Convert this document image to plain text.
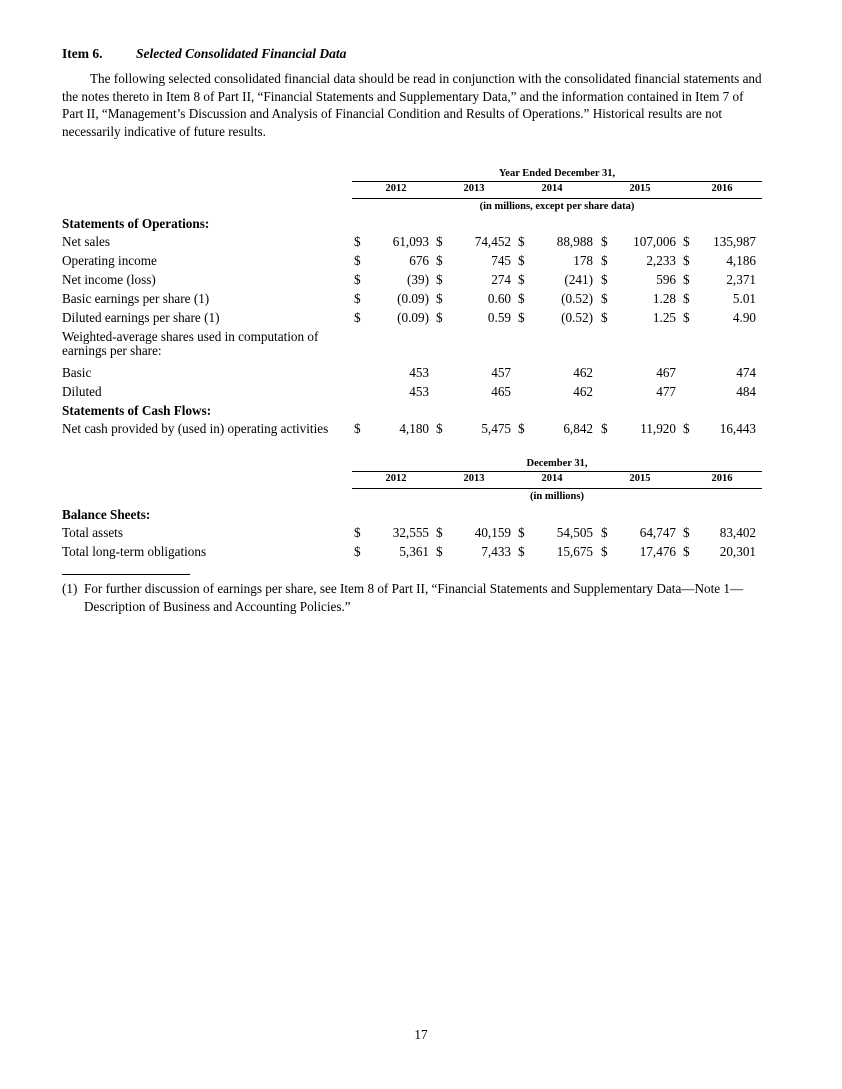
Item 6. Selected Consolidated Financial Data

The following selected consolidated financial data should be read in conjunction with the consolidated financial statements and the notes thereto in Item 8 of Part II, “Financial Statements and Supplementary Data,” and the information contained in Item 7 of Part II, “Management’s Discussion and Analysis of Financial Condition and Results of Operations.” Historical results are not necessarily indicative of future results.

Year Ended December 31,
2012	2013	2014	2015	2016
(in millions, except per share data)
Statements of Operations:
Net sales	$ 61,093 $ 74,452 $ 88,988 $ 107,006 $ 135,987
Operating income	$	676 $	745 $	178 $	2,233 $	4,186
Net income (loss)	$	(39) $	274 $	(241) $	596 $	2,371
Basic earnings per share (1)	$	(0.09) $	0.60 $	(0.52) $	1.28 $	5.01
Diluted earnings per share (1)	$	(0.09) $	0.59 $	(0.52) $	1.25 $	4.90
Weighted-average shares used in computation of earnings per share:
Basic	453	457	462	467	474
Diluted	453	465	462	477	484
Statements of Cash Flows:
Net cash provided by (used in) operating activities $	4,180 $	5,475 $	6,842 $ 11,920 $ 16,443
December 31,
2012	2013	2014	2015	2016
(in millions)
Balance Sheets:
Total assets	$ 32,555 $ 40,159 $ 54,505 $ 64,747 $ 83,402
Total long-term obligations	$	5,361 $	7,433 $ 15,675 $ 17,476 $ 20,301
(1) For further discussion of earnings per share, see Item 8 of Part II, “Financial Statements and Supplementary Data—Note 1—Description of Business and Accounting Policies.”
17
